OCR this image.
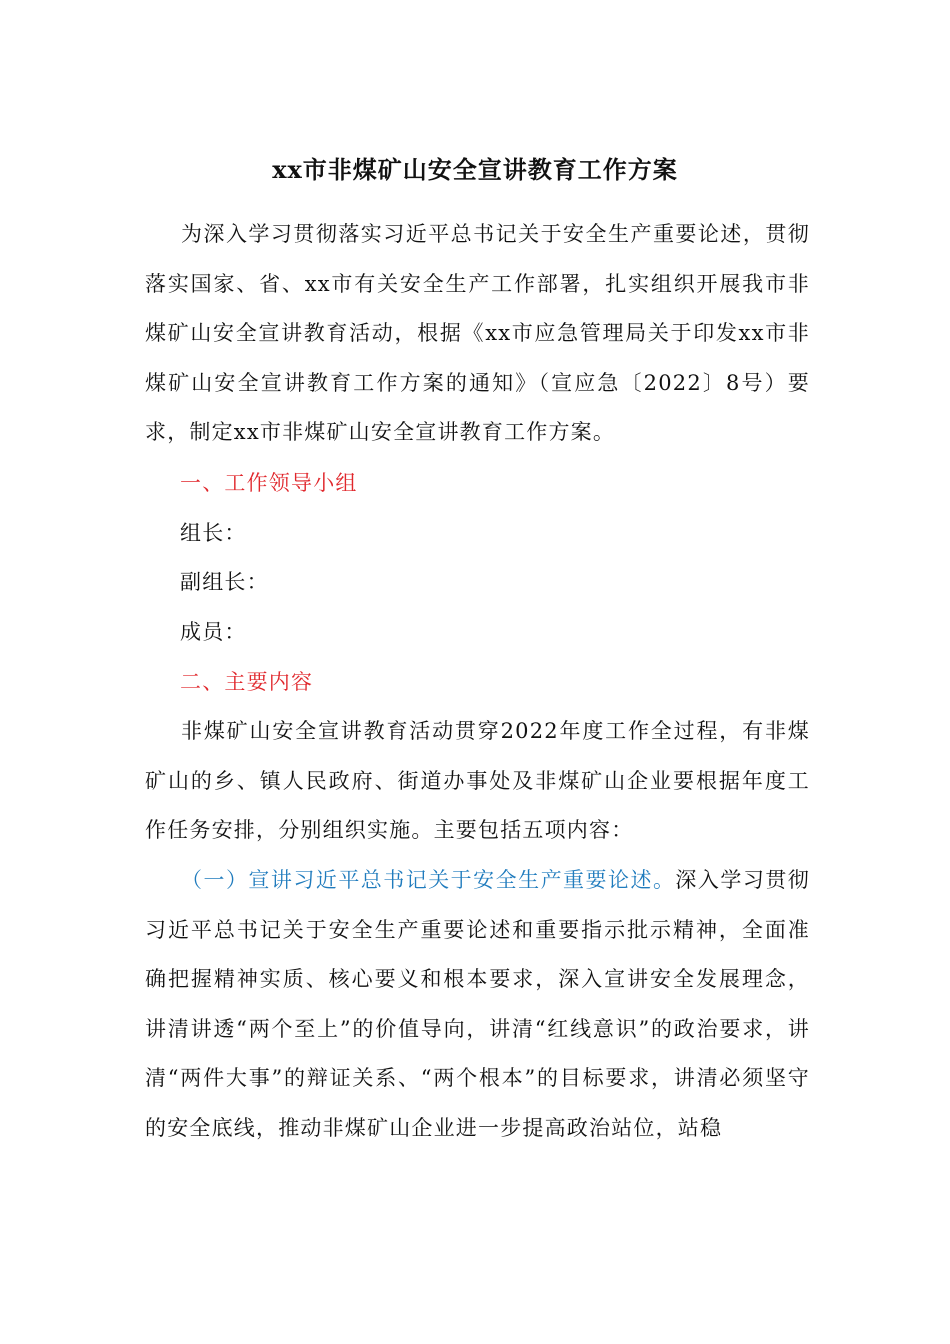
xx市非煤矿山安全宣讲教育工作方案

为深入学习贯彻落实习近平总书记关于安全生产重要论述，贯彻落实国家、省、xx市有关安全生产工作部署，扎实组织开展我市非煤矿山安全宣讲教育活动，根据《xx市应急管理局关于印发xx市非煤矿山安全宣讲教育工作方案的通知》（宣应急〔2022〕8号）要求，制定xx市非煤矿山安全宣讲教育工作方案。

一、工作领导小组

组长：

副组长：

成员：

二、主要内容

非煤矿山安全宣讲教育活动贯穿2022年度工作全过程，有非煤矿山的乡、镇人民政府、街道办事处及非煤矿山企业要根据年度工作任务安排，分别组织实施。主要包括五项内容：

（一）宣讲习近平总书记关于安全生产重要论述。深入学习贯彻习近平总书记关于安全生产重要论述和重要指示批示精神，全面准确把握精神实质、核心要义和根本要求，深入宣讲安全发展理念，讲清讲透“两个至上”的价值导向，讲清“红线意识”的政治要求，讲清“两件大事”的辩证关系、“两个根本”的目标要求，讲清必须坚守的安全底线，推动非煤矿山企业进一步提高政治站位，站稳
